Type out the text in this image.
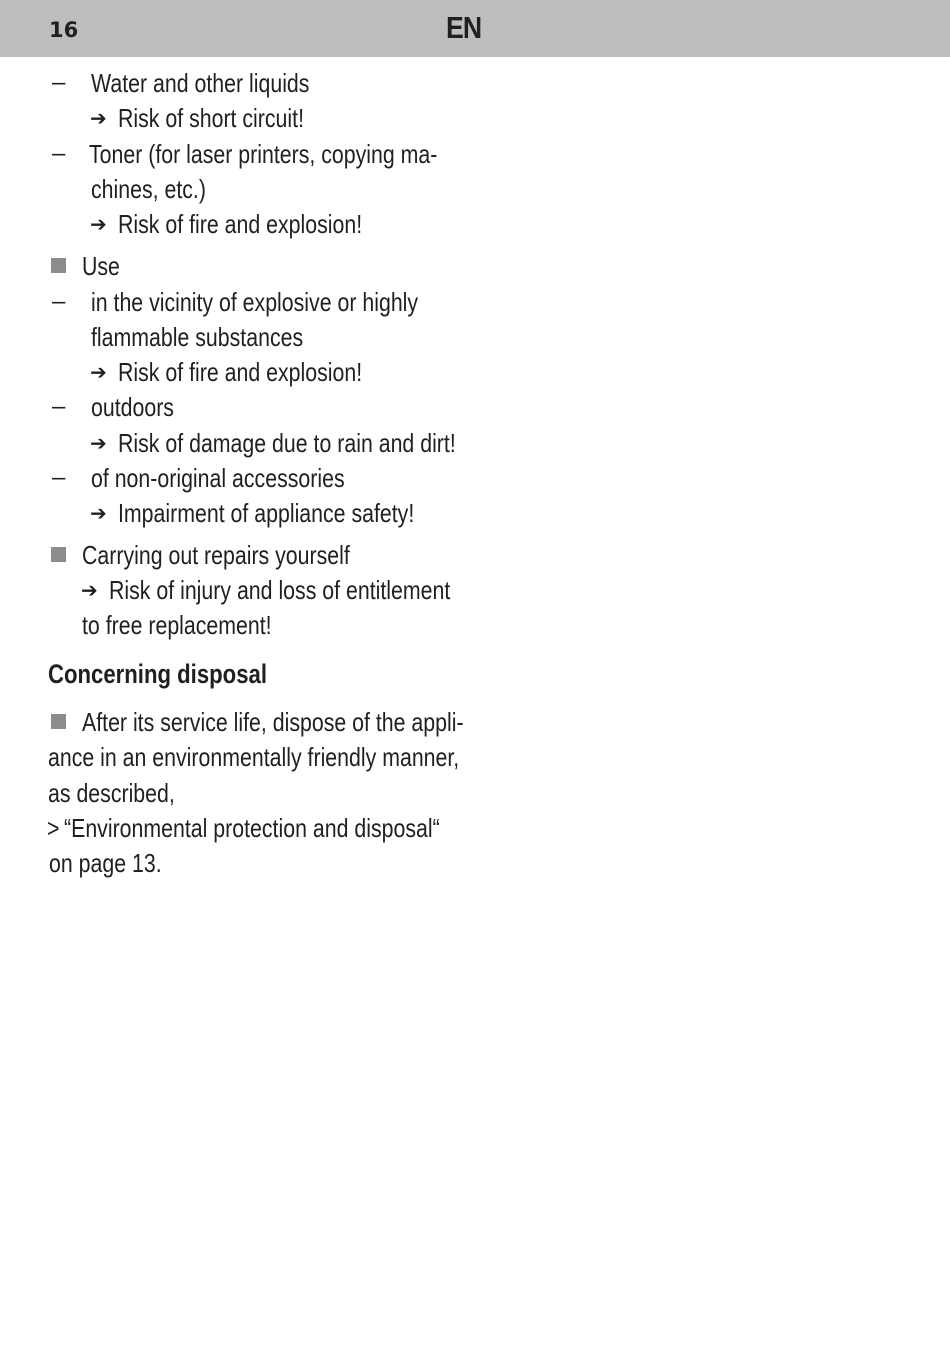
16	EN
– Water and other liquids
➔ Risk of short circuit!
– Toner (for laser printers, copying ma-
chines, etc.)
➔ Risk of fire and explosion!
Use
– in the vicinity of explosive or highly
flammable substances
➔ Risk of fire and explosion!
– outdoors
➔ Risk of damage due to rain and dirt!
– of non-original accessories
➔ Impairment of appliance safety!
Carrying out repairs yourself
➔ Risk of injury and loss of entitlement
to free replacement!
Concerning disposal
After its service life, dispose of the appli-
ance in an environmentally friendly manner,
as described,
> “Environmental protection and disposal“
on page 13.
